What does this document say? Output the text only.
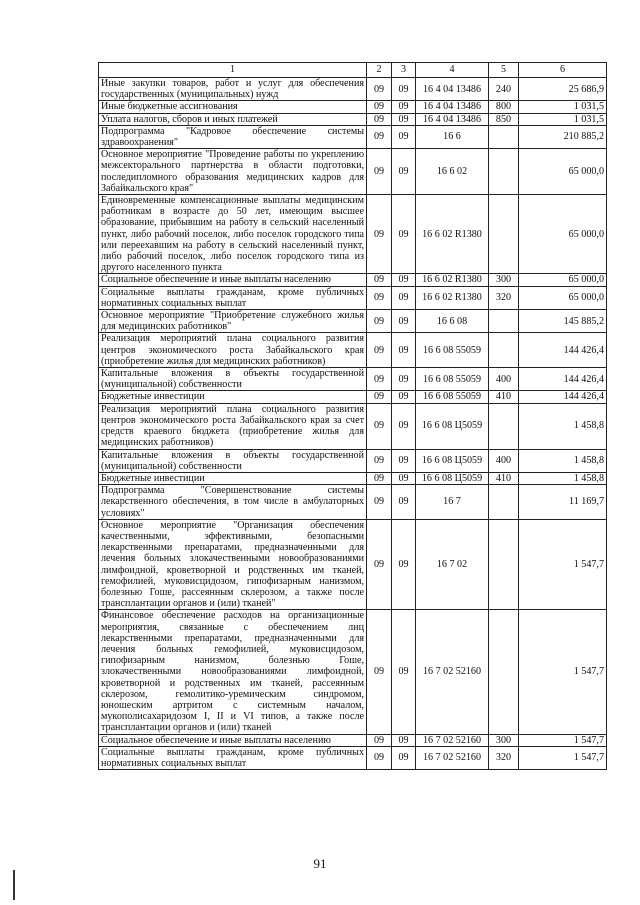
1	2	3	4	5	6
Иные закупки товаров, работ и услуг для обеспечения государственных (муниципальных) нужд	09	09	16 4 04 13486	240	25 686,9
Иные бюджетные ассигнования	09	09	16 4 04 13486	800	1 031,5
Уплата налогов, сборов и иных платежей	09	09	16 4 04 13486	850	1 031,5
Подпрограмма "Кадровое обеспечение системы здравоохранения"	09	09	16 6		210 885,2
Основное мероприятие "Проведение работы по укреплению межсекторального партнерства в области подготовки, последипломного образования медицинских кадров для Забайкальского края"	09	09	16 6 02		65 000,0
Единовременные компенсационные выплаты медицинским работникам в возрасте до 50 лет, имеющим высшее образование, прибывшим на работу в сельский населенный пункт, либо рабочий поселок, либо поселок городского типа или переехавшим на работу в сельский населенный пункт, либо рабочий поселок, либо поселок городского типа из другого населенного пункта	09	09	16 6 02 R1380		65 000,0
Социальное обеспечение и иные выплаты населению	09	09	16 6 02 R1380	300	65 000,0
Социальные выплаты гражданам, кроме публичных нормативных социальных выплат	09	09	16 6 02 R1380	320	65 000,0
Основное мероприятие "Приобретение служебного жилья для медицинских работников"	09	09	16 6 08		145 885,2
Реализация мероприятий плана социального развития центров экономического роста Забайкальского края (приобретение жилья для медицинских работников)	09	09	16 6 08 55059		144 426,4
Капитальные вложения в объекты государственной (муниципальной) собственности	09	09	16 6 08 55059	400	144 426,4
Бюджетные инвестиции	09	09	16 6 08 55059	410	144 426,4
Реализация мероприятий плана социального развития центров экономического роста Забайкальского края за счет средств краевого бюджета (приобретение жилья для медицинских работников)	09	09	16 6 08 Ц5059		1 458,8
Капитальные вложения в объекты государственной (муниципальной) собственности	09	09	16 6 08 Ц5059	400	1 458,8
Бюджетные инвестиции	09	09	16 6 08 Ц5059	410	1 458,8
Подпрограмма "Совершенствование системы лекарственного обеспечения, в том числе в амбулаторных условиях"	09	09	16 7		11 169,7
Основное мероприятие "Организация обеспечения качественными, эффективными, безопасными лекарственными препаратами, предназначенными для лечения больных злокачественными новообразованиями лимфоидной, кроветворной и родственных им тканей, гемофилией, муковисцидозом, гипофизарным нанизмом, болезнью Гоше, рассеянным склерозом, а также после трансплантации органов и (или) тканей"	09	09	16 7 02		1 547,7
Финансовое обеспечение расходов на организационные мероприятия, связанные с обеспечением лиц лекарственными препаратами, предназначенными для лечения больных гемофилией, муковисцидозом, гипофизарным нанизмом, болезнью Гоше, злокачественными новообразованиями лимфоидной, кроветворной и родственных им тканей, рассеянным склерозом, гемолитико-уремическим синдромом, юношеским артритом с системным началом, мукополисахаридозом I, II и VI типов, а также после трансплантации органов и (или) тканей	09	09	16 7 02 52160		1 547,7
Социальное обеспечение и иные выплаты населению	09	09	16 7 02 52160	300	1 547,7
Социальные выплаты гражданам, кроме публичных нормативных социальных выплат	09	09	16 7 02 52160	320	1 547,7
91
